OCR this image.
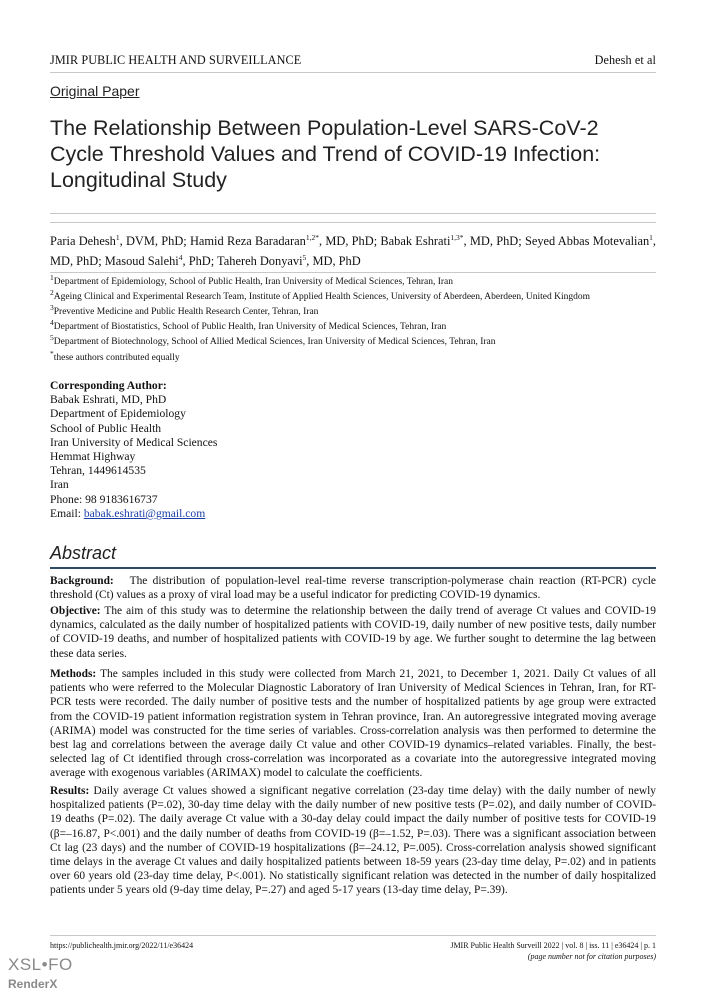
JMIR PUBLIC HEALTH AND SURVEILLANCE	Dehesh et al
Original Paper
The Relationship Between Population-Level SARS-CoV-2 Cycle Threshold Values and Trend of COVID-19 Infection: Longitudinal Study
Paria Dehesh$^1$, DVM, PhD; Hamid Reza Baradaran$^{1,2*}$, MD, PhD; Babak Eshrati$^{1,3*}$, MD, PhD; Seyed Abbas Motevalian$^1$, MD, PhD; Masoud Salehi$^4$, PhD; Tahereh Donyavi$^5$, MD, PhD
$^1$Department of Epidemiology, School of Public Health, Iran University of Medical Sciences, Tehran, Iran
$^2$Ageing Clinical and Experimental Research Team, Institute of Applied Health Sciences, University of Aberdeen, Aberdeen, United Kingdom
$^3$Preventive Medicine and Public Health Research Center, Tehran, Iran
$^4$Department of Biostatistics, School of Public Health, Iran University of Medical Sciences, Tehran, Iran
$^5$Department of Biotechnology, School of Allied Medical Sciences, Iran University of Medical Sciences, Tehran, Iran
*these authors contributed equally
Corresponding Author:
Babak Eshrati, MD, PhD
Department of Epidemiology
School of Public Health
Iran University of Medical Sciences
Hemmat Highway
Tehran, 1449614535
Iran
Phone: 98 9183616737
Email: babak.eshrati@gmail.com
Abstract
Background: The distribution of population-level real-time reverse transcription-polymerase chain reaction (RT-PCR) cycle threshold (Ct) values as a proxy of viral load may be a useful indicator for predicting COVID-19 dynamics.
Objective: The aim of this study was to determine the relationship between the daily trend of average Ct values and COVID-19 dynamics, calculated as the daily number of hospitalized patients with COVID-19, daily number of new positive tests, daily number of COVID-19 deaths, and number of hospitalized patients with COVID-19 by age. We further sought to determine the lag between these data series.
Methods: The samples included in this study were collected from March 21, 2021, to December 1, 2021. Daily Ct values of all patients who were referred to the Molecular Diagnostic Laboratory of Iran University of Medical Sciences in Tehran, Iran, for RT-PCR tests were recorded. The daily number of positive tests and the number of hospitalized patients by age group were extracted from the COVID-19 patient information registration system in Tehran province, Iran. An autoregressive integrated moving average (ARIMA) model was constructed for the time series of variables. Cross-correlation analysis was then performed to determine the best lag and correlations between the average daily Ct value and other COVID-19 dynamics–related variables. Finally, the best-selected lag of Ct identified through cross-correlation was incorporated as a covariate into the autoregressive integrated moving average with exogenous variables (ARIMAX) model to calculate the coefficients.
Results: Daily average Ct values showed a significant negative correlation (23-day time delay) with the daily number of newly hospitalized patients (P=.02), 30-day time delay with the daily number of new positive tests (P=.02), and daily number of COVID-19 deaths (P=.02). The daily average Ct value with a 30-day delay could impact the daily number of positive tests for COVID-19 (β=–16.87, P<.001) and the daily number of deaths from COVID-19 (β=–1.52, P=.03). There was a significant association between Ct lag (23 days) and the number of COVID-19 hospitalizations (β=–24.12, P=.005). Cross-correlation analysis showed significant time delays in the average Ct values and daily hospitalized patients between 18-59 years (23-day time delay, P=.02) and in patients over 60 years old (23-day time delay, P<.001). No statistically significant relation was detected in the number of daily hospitalized patients under 5 years old (9-day time delay, P=.27) and aged 5-17 years (13-day time delay, P=.39).
https://publichealth.jmir.org/2022/11/e36424	JMIR Public Health Surveill 2022 | vol. 8 | iss. 11 | e36424 | p. 1
(page number not for citation purposes)
XSL•FO
RenderX
